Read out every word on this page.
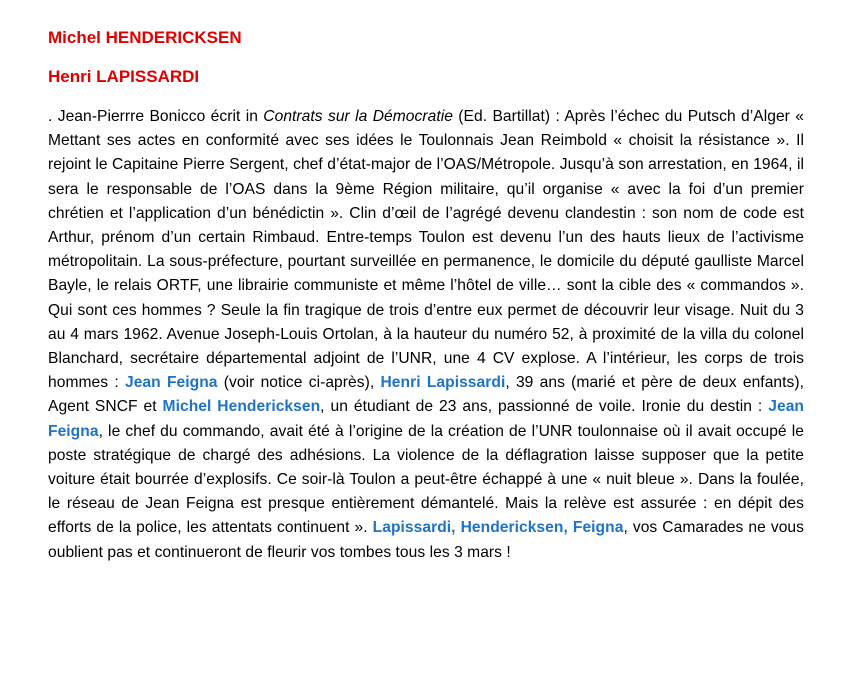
Michel HENDERICKSEN
Henri LAPISSARDI

. Jean-Pierrre Bonicco écrit in Contrats sur la Démocratie (Ed. Bartillat) : Après l’échec du Putsch d’Alger « Mettant ses actes en conformité avec ses idées le Toulonnais Jean Reimbold « choisit la résistance ». Il rejoint le Capitaine Pierre Sergent, chef d’état-major de l’OAS/Métropole. Jusqu’à son arrestation, en 1964, il sera le responsable de l’OAS dans la 9ème Région militaire, qu’il organise « avec la foi d’un premier chrétien et l’application d’un bénédictin ». Clin d’œil de l’agrégé devenu clandestin : son nom de code est Arthur, prénom d’un certain Rimbaud. Entre-temps Toulon est devenu l’un des hauts lieux de l’activisme métropolitain. La sous-préfecture, pourtant surveillée en permanence, le domicile du député gaulliste Marcel Bayle, le relais ORTF, une librairie communiste et même l’hôtel de ville… sont la cible des « commandos ». Qui sont ces hommes ? Seule la fin tragique de trois d’entre eux permet de découvrir leur visage. Nuit du 3 au 4 mars 1962. Avenue Joseph-Louis Ortolan, à la hauteur du numéro 52, à proximité de la villa du colonel Blanchard, secrétaire départemental adjoint de l’UNR, une 4 CV explose. A l’intérieur, les corps de trois hommes : Jean Feigna (voir notice ci-après), Henri Lapissardi, 39 ans (marié et père de deux enfants), Agent SNCF et Michel Hendericksen, un étudiant de 23 ans, passionné de voile. Ironie du destin : Jean Feigna, le chef du commando, avait été à l’origine de la création de l’UNR toulonnaise où il avait occupé le poste stratégique de chargé des adhésions. La violence de la déflagration laisse supposer que la petite voiture était bourrée d’explosifs. Ce soir-là Toulon a peut-être échappé à une « nuit bleue ». Dans la foulée, le réseau de Jean Feigna est presque entièrement démantelé. Mais la relève est assurée : en dépit des efforts de la police, les attentats continuent ». Lapissardi, Hendericksen, Feigna, vos Camarades ne vous oublient pas et continueront de fleurir vos tombes tous les 3 mars !
